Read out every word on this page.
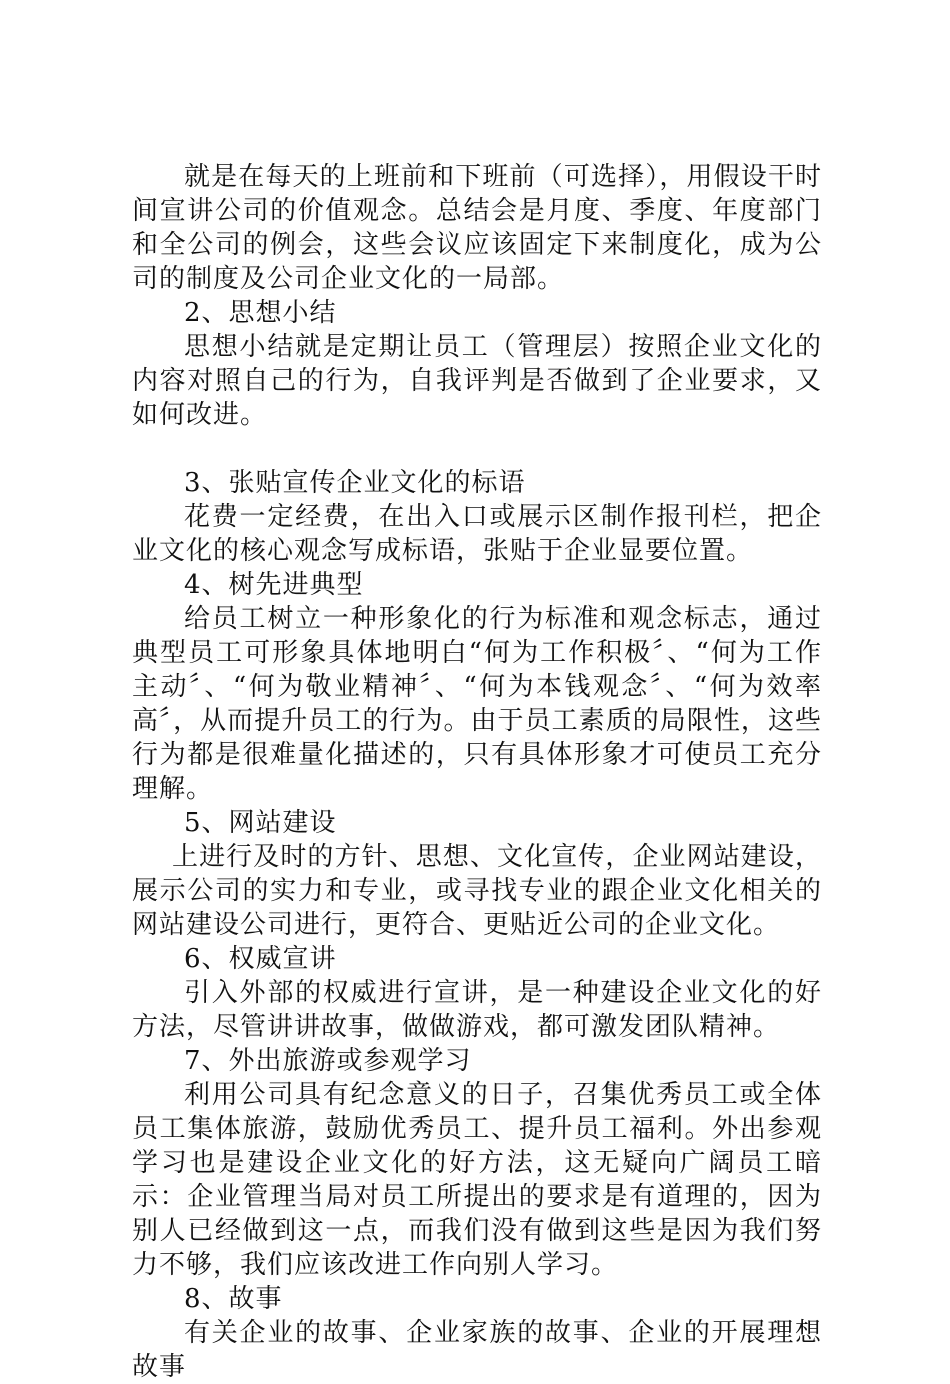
就是在每天的上班前和下班前（可选择），用假设干时间宣讲公司的价值观念。总结会是月度、季度、年度部门和全公司的例会，这些会议应该固定下来制度化，成为公司的制度及公司企业文化的一局部。

2、思想小结

思想小结就是定期让员工（管理层）按照企业文化的内容对照自己的行为，自我评判是否做到了企业要求，又如何改进。

3、张贴宣传企业文化的标语

花费一定经费，在出入口或展示区制作报刊栏，把企业文化的核心观念写成标语，张贴于企业显要位置。

4、树先进典型

给员工树立一种形象化的行为标准和观念标志，通过典型员工可形象具体地明白“何为工作积极〞、“何为工作主动〞、“何为敬业精神〞、“何为本钱观念〞、“何为效率高〞，从而提升员工的行为。由于员工素质的局限性，这些行为都是很难量化描述的，只有具体形象才可使员工充分理解。

5、网站建设

上进行及时的方针、思想、文化宣传，企业网站建设，展示公司的实力和专业，或寻找专业的跟企业文化相关的网站建设公司进行，更符合、更贴近公司的企业文化。

6、权威宣讲

引入外部的权威进行宣讲，是一种建设企业文化的好方法，尽管讲讲故事，做做游戏，都可激发团队精神。

7、外出旅游或参观学习

利用公司具有纪念意义的日子，召集优秀员工或全体员工集体旅游，鼓励优秀员工、提升员工福利。外出参观学习也是建设企业文化的好方法，这无疑向广阔员工暗示：企业管理当局对员工所提出的要求是有道理的，因为别人已经做到这一点，而我们没有做到这些是因为我们努力不够，我们应该改进工作向别人学习。

8、故事

有关企业的故事、企业家族的故事、企业的开展理想故事
